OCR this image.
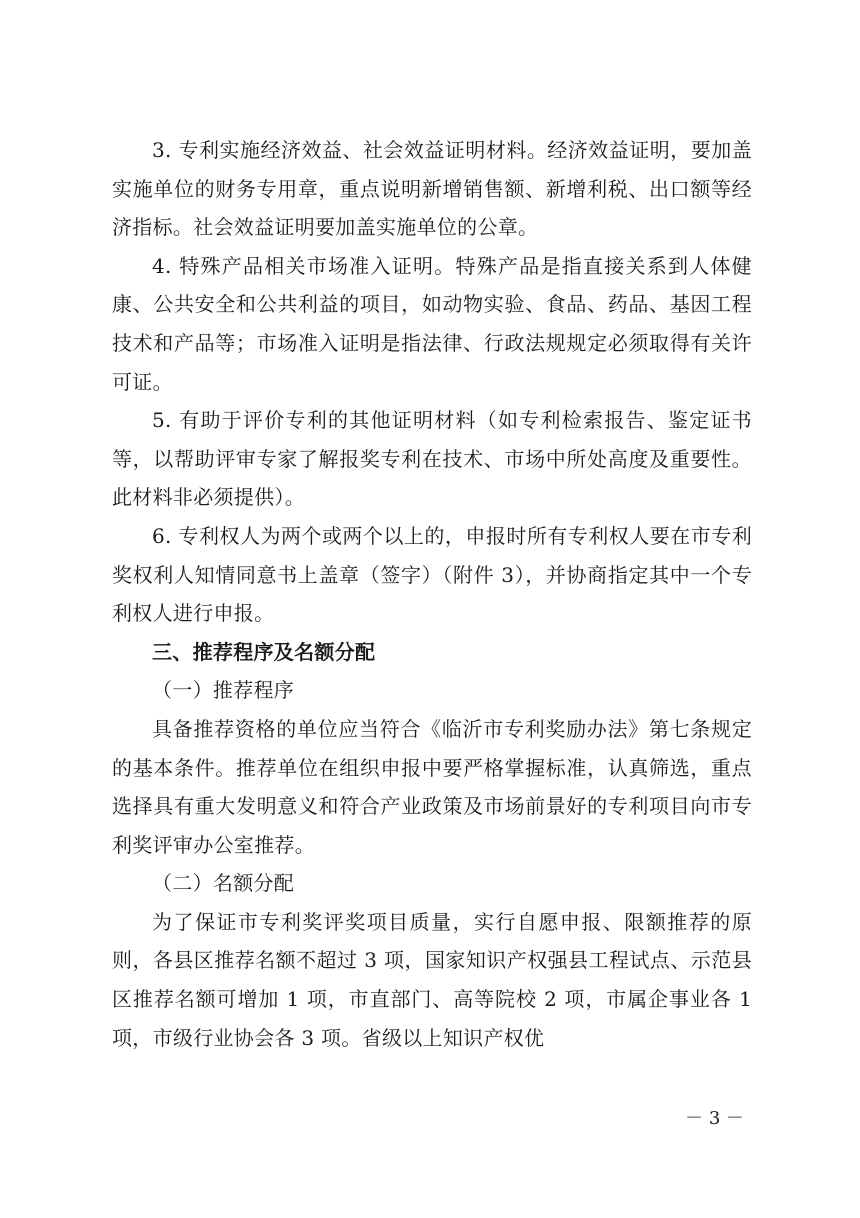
3. 专利实施经济效益、社会效益证明材料。经济效益证明，要加盖实施单位的财务专用章，重点说明新增销售额、新增利税、出口额等经济指标。社会效益证明要加盖实施单位的公章。

4. 特殊产品相关市场准入证明。特殊产品是指直接关系到人体健康、公共安全和公共利益的项目，如动物实验、食品、药品、基因工程技术和产品等；市场准入证明是指法律、行政法规规定必须取得有关许可证。

5. 有助于评价专利的其他证明材料（如专利检索报告、鉴定证书等，以帮助评审专家了解报奖专利在技术、市场中所处高度及重要性。此材料非必须提供）。

6. 专利权人为两个或两个以上的，申报时所有专利权人要在市专利奖权利人知情同意书上盖章（签字）（附件 3），并协商指定其中一个专利权人进行申报。

三、推荐程序及名额分配

（一）推荐程序

具备推荐资格的单位应当符合《临沂市专利奖励办法》第七条规定的基本条件。推荐单位在组织申报中要严格掌握标准，认真筛选，重点选择具有重大发明意义和符合产业政策及市场前景好的专利项目向市专利奖评审办公室推荐。

（二）名额分配

为了保证市专利奖评奖项目质量，实行自愿申报、限额推荐的原则，各县区推荐名额不超过 3 项，国家知识产权强县工程试点、示范县区推荐名额可增加 1 项，市直部门、高等院校 2 项，市属企事业各 1 项，市级行业协会各 3 项。省级以上知识产权优

－ 3 －
